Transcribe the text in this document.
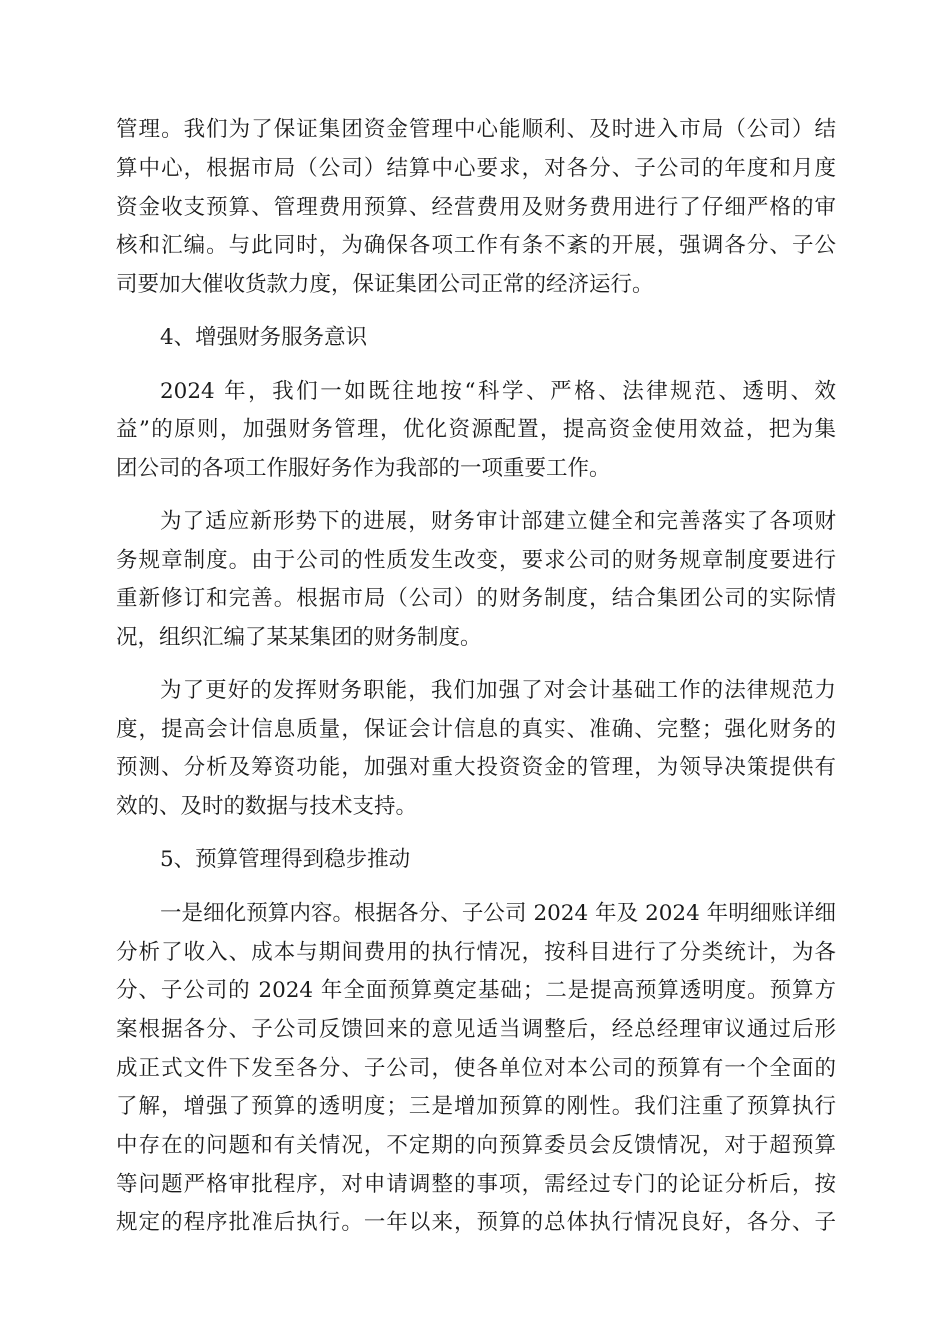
管理。我们为了保证集团资金管理中心能顺利、及时进入市局（公司）结
算中心，根据市局（公司）结算中心要求，对各分、子公司的年度和月度
资金收支预算、管理费用预算、经营费用及财务费用进行了仔细严格的审
核和汇编。与此同时，为确保各项工作有条不紊的开展，强调各分、子公
司要加大催收货款力度，保证集团公司正常的经济运行。
4、增强财务服务意识
2024 年，我们一如既往地按“科学、严格、法律规范、透明、效
益”的原则，加强财务管理，优化资源配置，提高资金使用效益，把为集
团公司的各项工作服好务作为我部的一项重要工作。
为了适应新形势下的进展，财务审计部建立健全和完善落实了各项财
务规章制度。由于公司的性质发生改变，要求公司的财务规章制度要进行
重新修订和完善。根据市局（公司）的财务制度，结合集团公司的实际情
况，组织汇编了某某集团的财务制度。
为了更好的发挥财务职能，我们加强了对会计基础工作的法律规范力
度，提高会计信息质量，保证会计信息的真实、准确、完整；强化财务的
预测、分析及筹资功能，加强对重大投资资金的管理，为领导决策提供有
效的、及时的数据与技术支持。
5、预算管理得到稳步推动
一是细化预算内容。根据各分、子公司 2024 年及 2024 年明细账详细
分析了收入、成本与期间费用的执行情况，按科目进行了分类统计，为各
分、子公司的 2024 年全面预算奠定基础；二是提高预算透明度。预算方
案根据各分、子公司反馈回来的意见适当调整后，经总经理审议通过后形
成正式文件下发至各分、子公司，使各单位对本公司的预算有一个全面的
了解，增强了预算的透明度；三是增加预算的刚性。我们注重了预算执行
中存在的问题和有关情况，不定期的向预算委员会反馈情况，对于超预算
等问题严格审批程序，对申请调整的事项，需经过专门的论证分析后，按
规定的程序批准后执行。一年以来，预算的总体执行情况良好，各分、子
